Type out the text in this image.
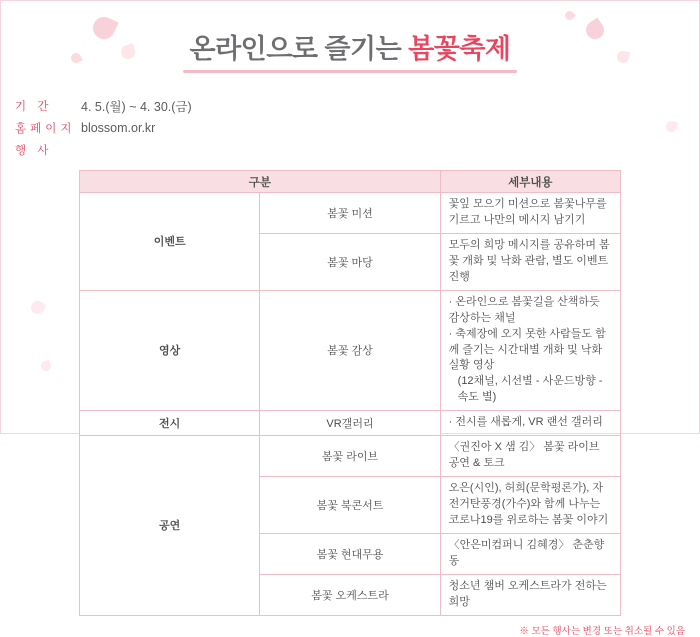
온라인으로 즐기는 봄꽃축제
기 간	4. 5.(월) ~ 4. 30.(금)
홈페이지 blossom.or.kr
행 사
구분		세부내용
이벤트	봄꽃 미션	꽃잎 모으기 미션으로 봄꽃나무를 기르고 나만의 메시지 남기기

	봄꽃 마당	모두의 희망 메시지를 공유하며 봄꽃 개화 및 낙화 관람, 별도 이벤트 진행

영상	봄꽃 감상	· 온라인으로 봄꽃길을 산책하듯 감상하는 채널
· 축제장에 오지 못한 사람들도 함께 즐기는 시간대별 개화 및 낙화 실황 영상
(12채널, 시선별 - 사운드방향 - 속도 별)

전시	VR갤러리	· 전시를 새롭게, VR 랜선 갤러리

공연	봄꽃 라이브	〈권진아 X 샘 김〉 봄꽃 라이브 공연 & 토크

	봄꽃 북콘서트	오은(시인), 허희(문학평론가), 자전거탄풍경(가수)와 함께 나누는 코로나19를 위로하는 봄꽃 이야기

	봄꽃 현대무용	〈안은미컴퍼니 김혜경〉 춘춘향동

	봄꽃 오케스트라	청소년 챔버 오케스트라가 전하는 희망
※ 모든 행사는 변경 또는 취소될 수 있음
